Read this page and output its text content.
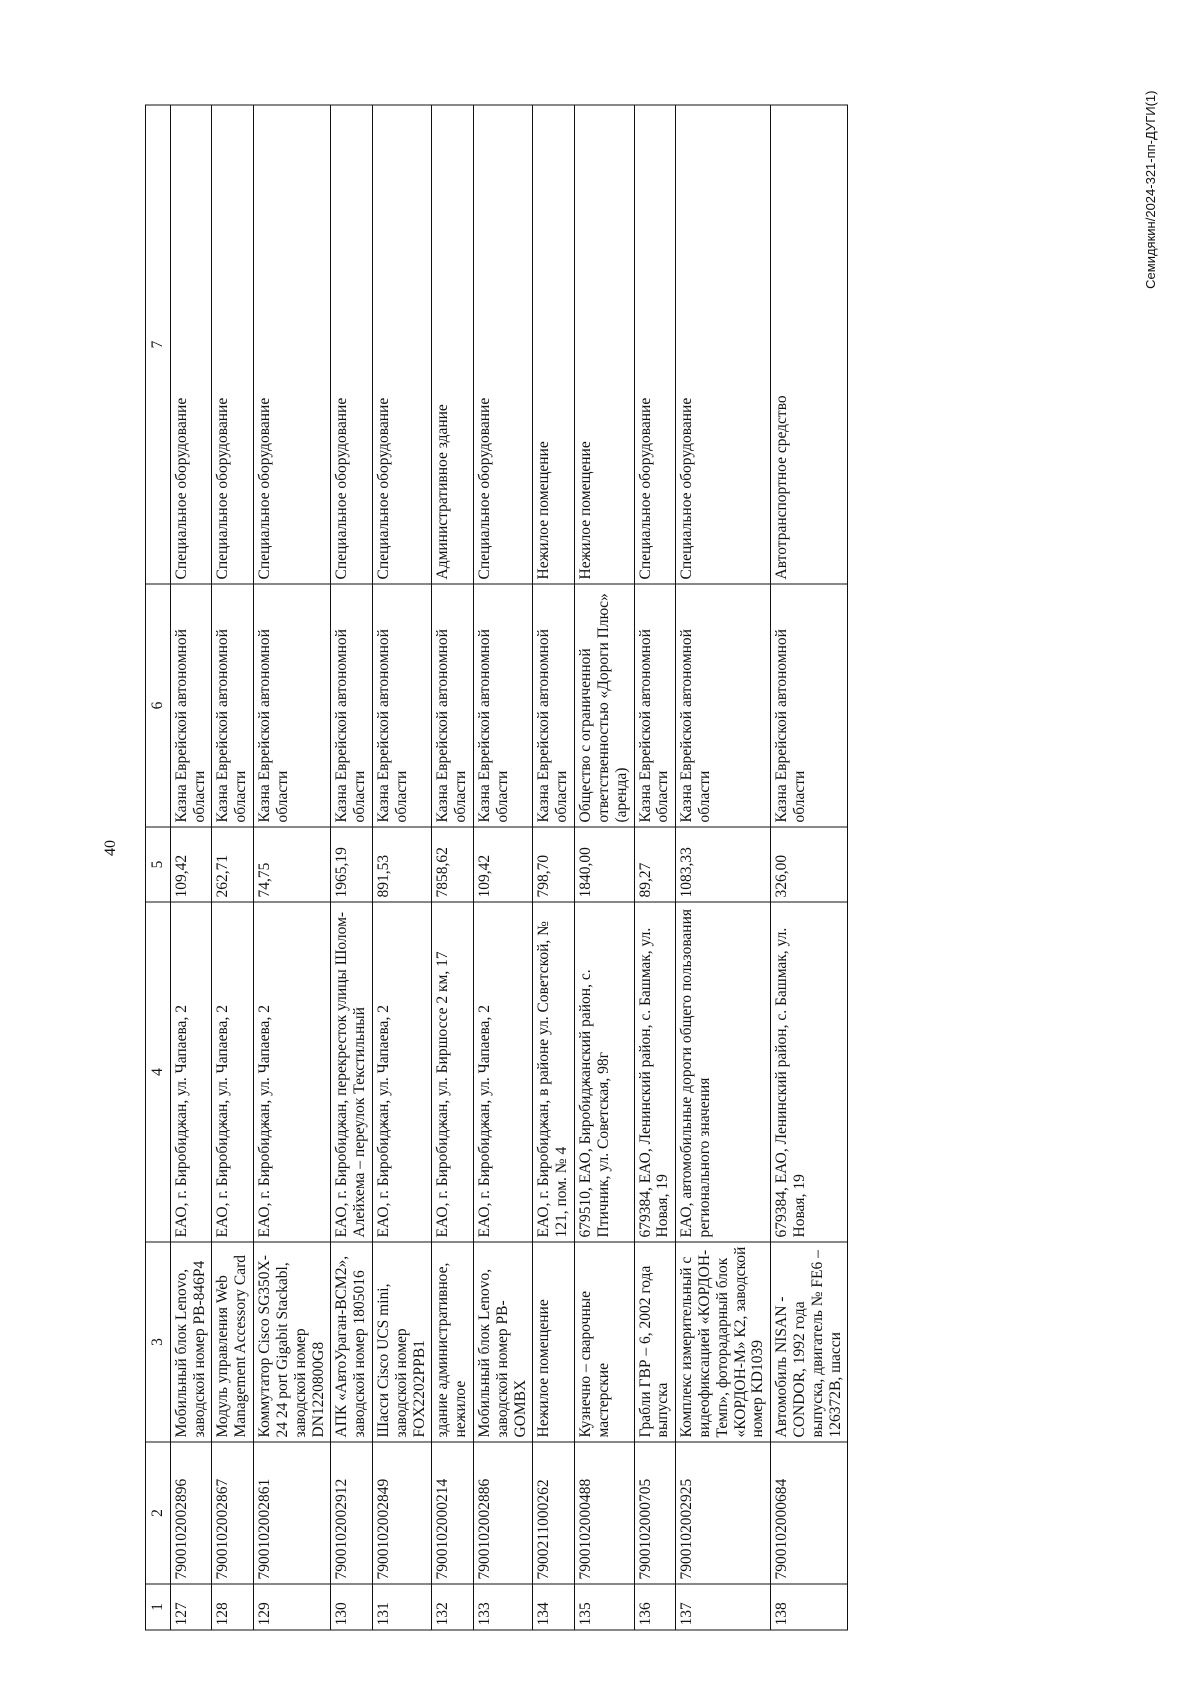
40
1	2	3	4	5	6	7
127	7900102002896	Мобильный блок Lenovo, заводской номер PB-846P4	ЕАО, г. Биробиджан, ул. Чапаева, 2	109,42	Казна Еврейской автономной области	Специальное оборудование
128	7900102002867	Модуль управления Web Management Accessory Card	ЕАО, г. Биробиджан, ул. Чапаева, 2	262,71	Казна Еврейской автономной области	Специальное оборудование
129	7900102002861	Коммутатор Cisco SG350X-24 24 port Gigabit Stackabl, заводской номер DN1220800G8	ЕАО, г. Биробиджан, ул. Чапаева, 2	74,75	Казна Еврейской автономной области	Специальное оборудование
130	7900102002912	АПК «АвтоУраган-ВСМ2», заводской номер 1805016	ЕАО, г. Биробиджан, перекресток улицы Шолом-Алейхема – переулок Текстильный	1965,19	Казна Еврейской автономной области	Специальное оборудование
131	7900102002849	Шасси Cisco UCS mini, заводской номер FOX2202PPB1	ЕАО, г. Биробиджан, ул. Чапаева, 2	891,53	Казна Еврейской автономной области	Специальное оборудование
132	7900102000214	здание административное, нежилое	ЕАО, г. Биробиджан, ул. Биршоссе 2 км, 17	7858,62	Казна Еврейской автономной области	Административное здание
133	7900102002886	Мобильный блок Lenovo, заводской номер PB-GOMBX	ЕАО, г. Биробиджан, ул. Чапаева, 2	109,42	Казна Еврейской автономной области	Специальное оборудование
134	7900211000262	Нежилое помещение	ЕАО, г. Биробиджан, в районе ул. Советской, № 121, пом. № 4	798,70	Казна Еврейской автономной области	Нежилое помещение
135	7900102000488	Кузнечно – сварочные мастерские	679510, ЕАО, Биробиджанский район, с. Птичник, ул. Советская, 98г	1840,00	Общество с ограниченной ответственностью «Дороги Плюс» (аренда)	Нежилое помещение
136	7900102000705	Грабли ГВР – 6, 2002 года выпуска	679384, ЕАО, Ленинский район, с. Башмак, ул. Новая, 19	89,27	Казна Еврейской автономной области	Специальное оборудование
137	7900102002925	Комплекс измерительный с видеофиксацией «КОРДОН-Темп», фоторадарный блок «КОРДОН-М» К2, заводской номер KD1039	ЕАО, автомобильные дороги общего пользования регионального значения	1083,33	Казна Еврейской автономной области	Специальное оборудование
138	7900102000684	Автомобиль NISAN - CONDOR, 1992 года выпуска, двигатель № FE6 – 126372В, шасси	679384, ЕАО, Ленинский район, с. Башмак, ул. Новая, 19	326,00	Казна Еврейской автономной области	Автотранспортное средство
Семидякин/2024-321-пп-ДУГИ(1)
